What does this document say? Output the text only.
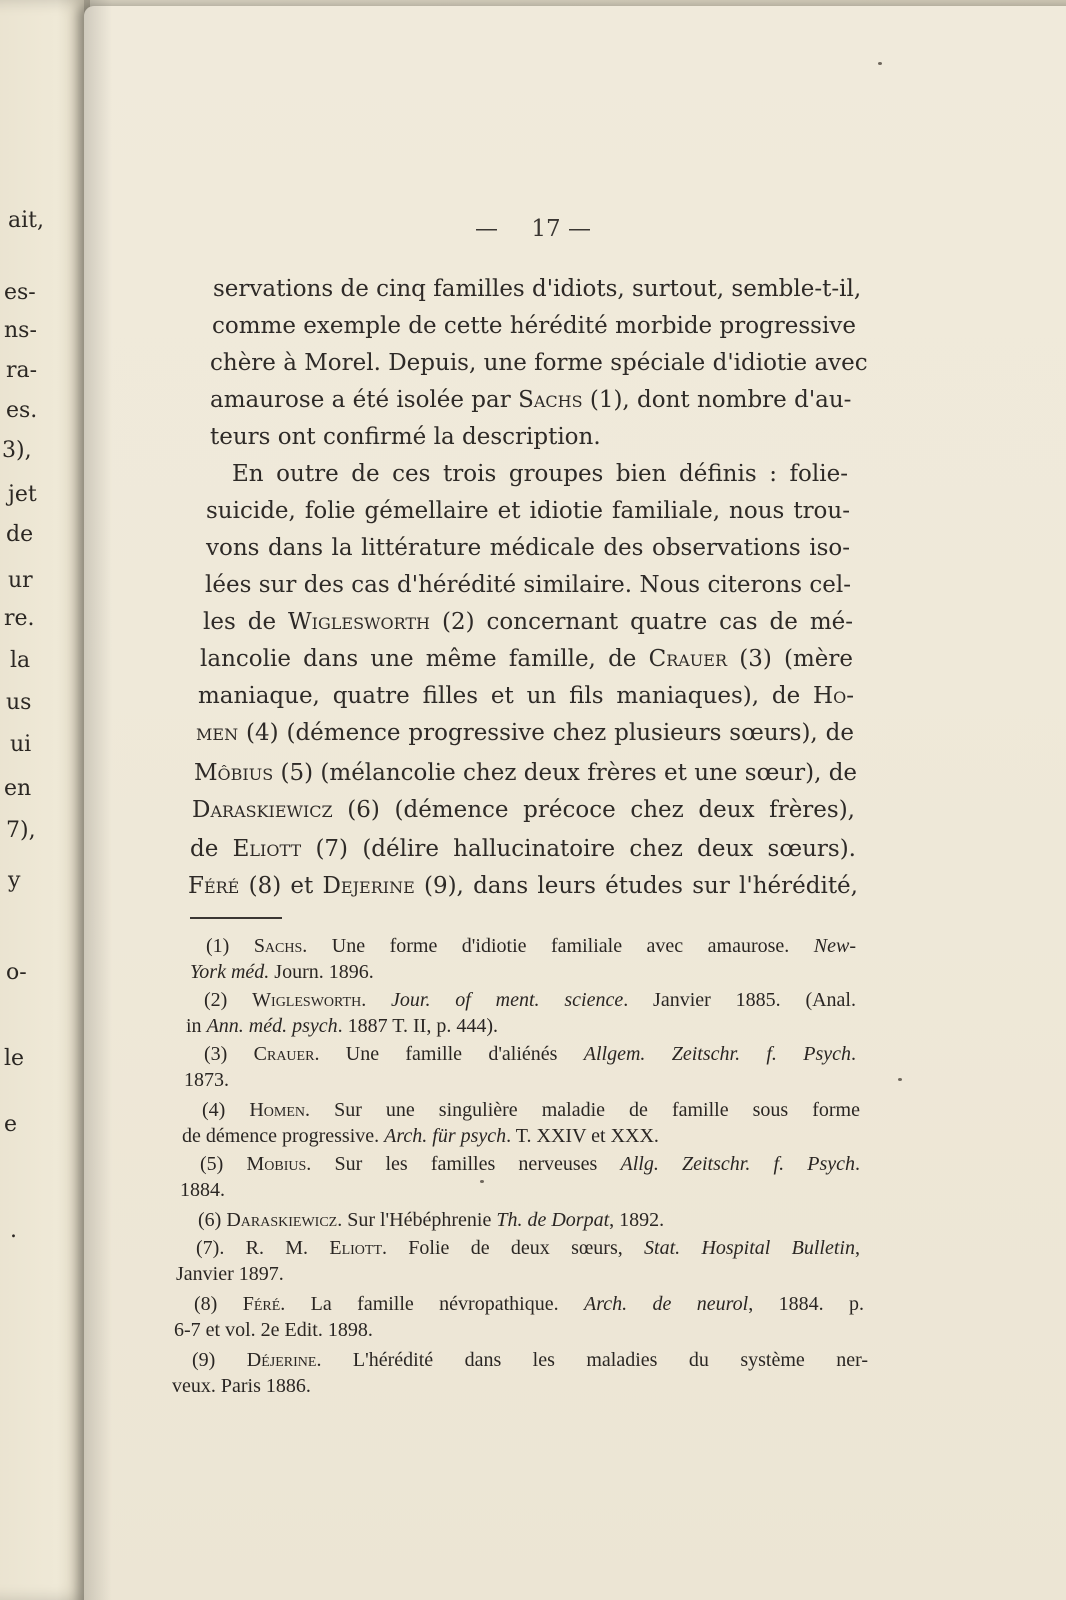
ait,
es-
ns-
ra-
es.
3),
jet
de
ur
re.
la
us
ui
en
7),
y
o-
le
e
.
— 17 —
servations de cinq familles d'idiots, surtout, semble-t-il,
comme exemple de cette hérédité morbide progressive
chère à Morel. Depuis, une forme spéciale d'idiotie avec
amaurose a été isolée par Sachs (1), dont nombre d'au-
teurs ont confirmé la description.
En outre de ces trois groupes bien définis : folie-
suicide, folie gémellaire et idiotie familiale, nous trou-
vons dans la littérature médicale des observations iso-
lées sur des cas d'hérédité similaire. Nous citerons cel-
les de Wiglesworth (2) concernant quatre cas de mé-
lancolie dans une même famille, de Crauer (3) (mère
maniaque, quatre filles et un fils maniaques), de Ho-
men (4) (démence progressive chez plusieurs sœurs), de
Môbius (5) (mélancolie chez deux frères et une sœur), de
Daraskiewicz (6) (démence précoce chez deux frères),
de Eliott (7) (délire hallucinatoire chez deux sœurs).
Féré (8) et Dejerine (9), dans leurs études sur l'hérédité,
(1) Sachs. Une forme d'idiotie familiale avec amaurose. New-
York méd. Journ. 1896.
(2) Wiglesworth. Jour. of ment. science. Janvier 1885. (Anal.
in Ann. méd. psych. 1887 T. II, p. 444).
(3) Crauer. Une famille d'aliénés Allgem. Zeitschr. f. Psych.
1873.
(4) Homen. Sur une singulière maladie de famille sous forme
de démence progressive. Arch. für psych. T. XXIV et XXX.
(5) Mobius. Sur les familles nerveuses Allg. Zeitschr. f. Psych.
1884.
(6) Daraskiewicz. Sur l'Hébéphrenie Th. de Dorpat, 1892.
(7). R. M. Eliott. Folie de deux sœurs, Stat. Hospital Bulletin,
Janvier 1897.
(8) Féré. La famille névropathique. Arch. de neurol, 1884. p.
6-7 et vol. 2e Edit. 1898.
(9) Déjerine. L'hérédité dans les maladies du système ner-
veux. Paris 1886.
